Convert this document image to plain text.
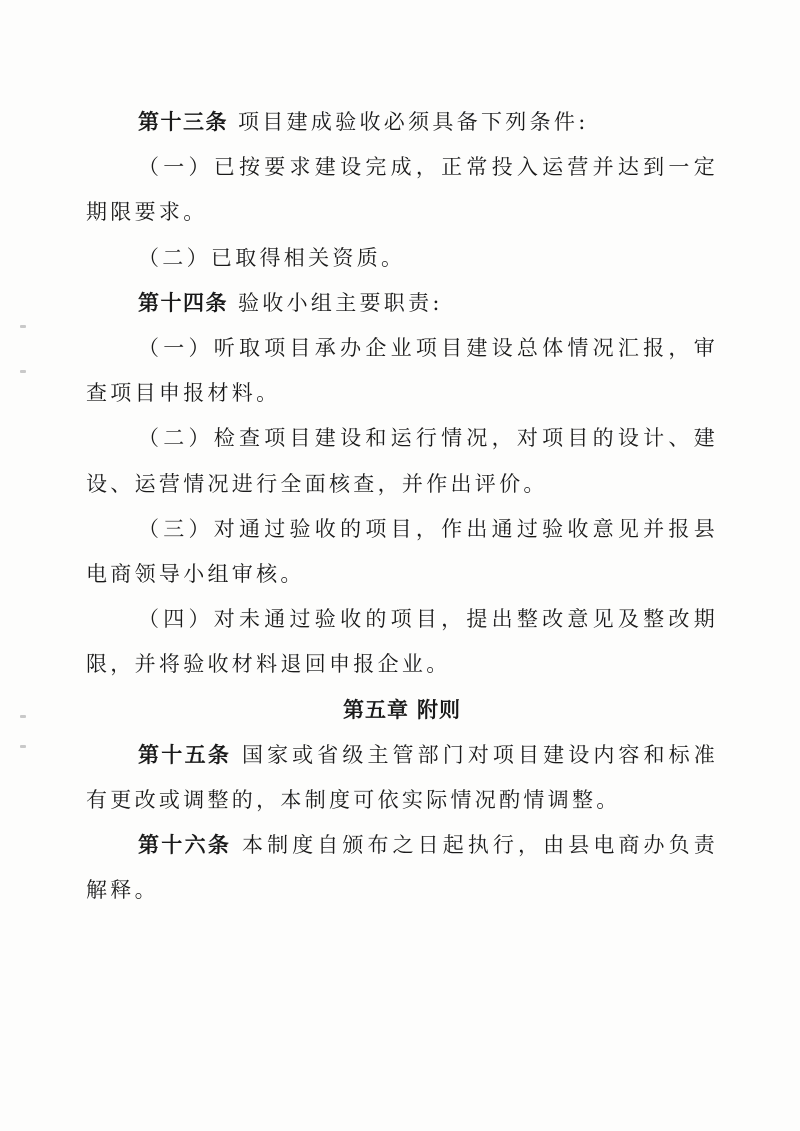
第十三条 项目建成验收必须具备下列条件:

（一）已按要求建设完成，正常投入运营并达到一定期限要求。

（二）已取得相关资质。

第十四条 验收小组主要职责:

（一）听取项目承办企业项目建设总体情况汇报，审查项目申报材料。

（二）检查项目建设和运行情况，对项目的设计、建设、运营情况进行全面核查，并作出评价。

（三）对通过验收的项目，作出通过验收意见并报县电商领导小组审核。

（四）对未通过验收的项目，提出整改意见及整改期限，并将验收材料退回申报企业。

第五章 附则

第十五条 国家或省级主管部门对项目建设内容和标准有更改或调整的，本制度可依实际情况酌情调整。

第十六条 本制度自颁布之日起执行，由县电商办负责解释。
